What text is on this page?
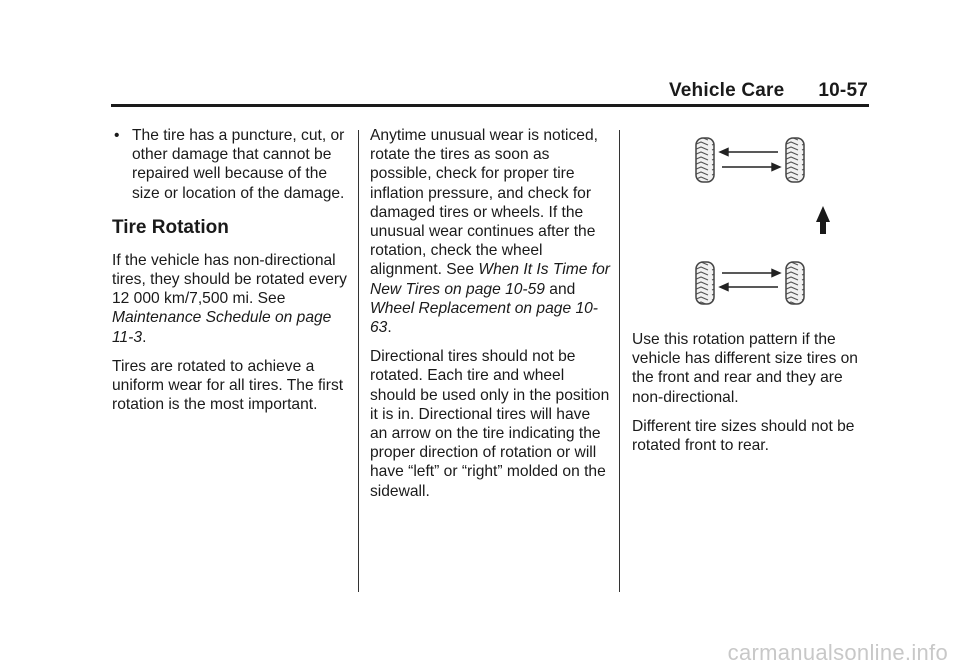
Vehicle Care 10-57
• The tire has a puncture, cut, or other damage that cannot be repaired well because of the size or location of the damage.
Tire Rotation

If the vehicle has non-directional tires, they should be rotated every 12 000 km/7,500 mi. See Maintenance Schedule on page 11-3.

Tires are rotated to achieve a uniform wear for all tires. The first rotation is the most important.

Anytime unusual wear is noticed, rotate the tires as soon as possible, check for proper tire inflation pressure, and check for damaged tires or wheels. If the unusual wear continues after the rotation, check the wheel alignment. See When It Is Time for New Tires on page 10-59 and Wheel Replacement on page 10-63.

Directional tires should not be rotated. Each tire and wheel should be used only in the position it is in. Directional tires will have an arrow on the tire indicating the proper direction of rotation or will have “left” or “right” molded on the sidewall.

Use this rotation pattern if the vehicle has different size tires on the front and rear and they are non-directional.

Different tire sizes should not be rotated front to rear.

carmanualsonline.info
